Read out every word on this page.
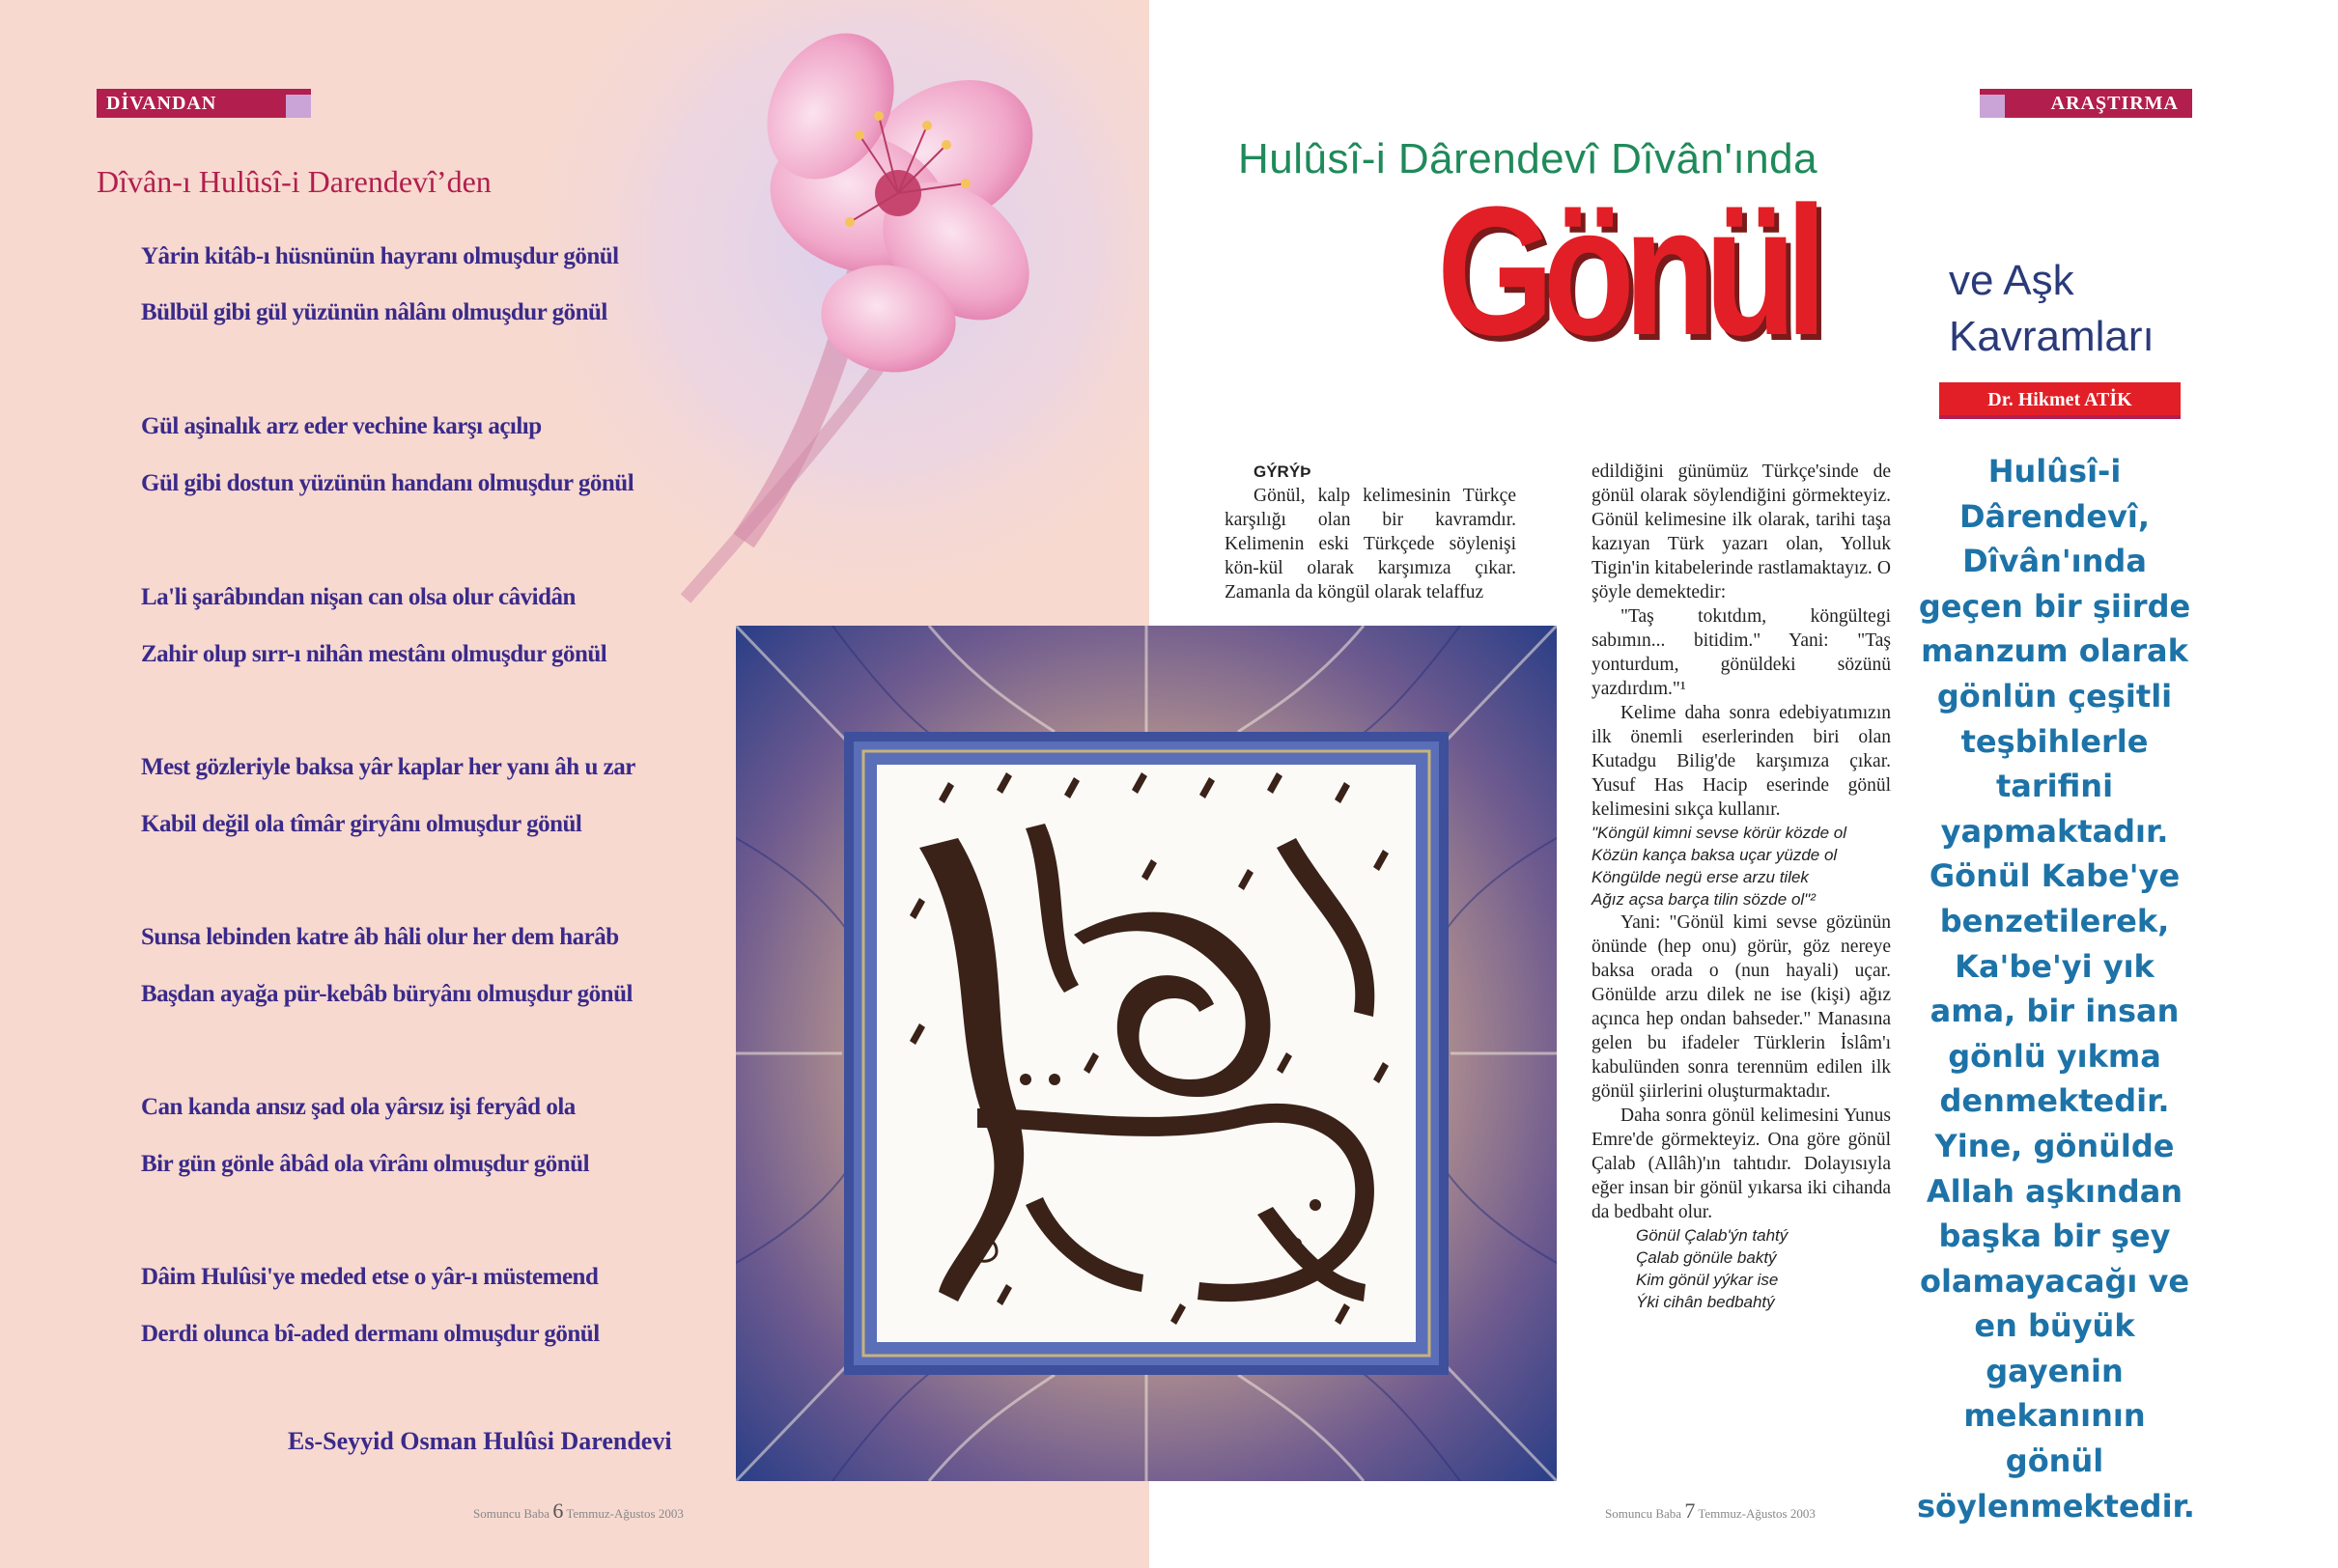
DİVANDAN
Dîvân-ı Hulûsî-i Darendevî’den
Yârin kitâb-ı hüsnünün hayranı olmuşdur gönül
Bülbül gibi gül yüzünün nâlânı olmuşdur gönül
Gül aşinalık arz eder vechine karşı açılıp
Gül gibi dostun yüzünün handanı olmuşdur gönül
La'li şarâbından nişan can olsa olur câvidân
Zahir olup sırr-ı nihân mestânı olmuşdur gönül
Mest gözleriyle baksa yâr kaplar her yanı âh u zar
Kabil değil ola tîmâr giryânı olmuşdur gönül
Sunsa lebinden katre âb hâli olur her dem harâb
Başdan ayağa pür-kebâb büryânı olmuşdur gönül
Can kanda ansız şad ola yârsız işi feryâd ola
Bir gün gönle âbâd ola vîrânı olmuşdur gönül
Dâim Hulûsi'ye meded etse o yâr-ı müstemend
Derdi olunca bî-aded dermanı olmuşdur gönül
Es-Seyyid Osman Hulûsi Darendevi
Somuncu Baba 6 Temmuz-Ağustos 2003
ARAŞTIRMA
Hulûsî-i Dârendevî Dîvân'ında
Gönül	ve Aşk
Kavramları
Dr. Hikmet ATİK

GÝRÝÞ

Gönül, kalp kelimesinin Türkçe karşılığı olan bir kavramdır. Kelimenin eski Türkçede söylenişi kön-kül olarak karşımıza çıkar. Zamanla da köngül olarak telaffuz

edildiğini günümüz Türkçe'sinde de gönül olarak söylendiğini görmekteyiz. Gönül kelimesine ilk olarak, tarihi taşa kazıyan Türk yazarı olan, Yolluk Tigin'in kitabelerinde rastlamaktayız. O şöyle demektedir:

"Taş tokıtdım, köngültegi sabımın... bitidim." Yani: "Taş yonturdum, gönüldeki sözünü yazdırdım."¹

Kelime daha sonra edebiyatımızın ilk önemli eserlerinden biri olan Kutadgu Bilig'de karşımıza çıkar. Yusuf Has Hacip eserinde gönül kelimesini sıkça kullanır.

"Köngül kimni sevse körür közde ol

Közün kança baksa uçar yüzde ol

Köngülde negü erse arzu tilek

Ağız açsa barça tilin sözde ol"²

Yani: "Gönül kimi sevse gözünün önünde (hep onu) görür, göz nereye baksa orada o (nun hayali) uçar. Gönülde arzu dilek ne ise (kişi) ağız açınca hep ondan bahseder." Manasına gelen bu ifadeler Türklerin İslâm'ı kabulünden sonra terennüm edilen ilk gönül şiirlerini oluşturmaktadır.

Daha sonra gönül kelimesini Yunus Emre'de görmekteyiz. Ona göre gönül Çalab (Allâh)'ın tahtıdır. Dolayısıyla eğer insan bir gönül yıkarsa iki cihanda da bedbaht olur.

Gönül Çalab'ýn tahtý

Çalab gönüle baktý

Kim gönül yýkar ise

Ýki cihân bedbahtý

Hulûsî-i Dârendevî, Dîvân'ında geçen bir şiirde manzum olarak gönlün çeşitli teşbihlerle tarifini yapmaktadır. Gönül Kabe'ye benzetilerek, Ka'be'yi yık ama, bir insan gönlü yıkma denmektedir. Yine, gönülde Allah aşkından başka bir şey olamayacağı ve en büyük gayenin mekanının gönül söylenmektedir.
Somuncu Baba 7 Temmuz-Ağustos 2003
